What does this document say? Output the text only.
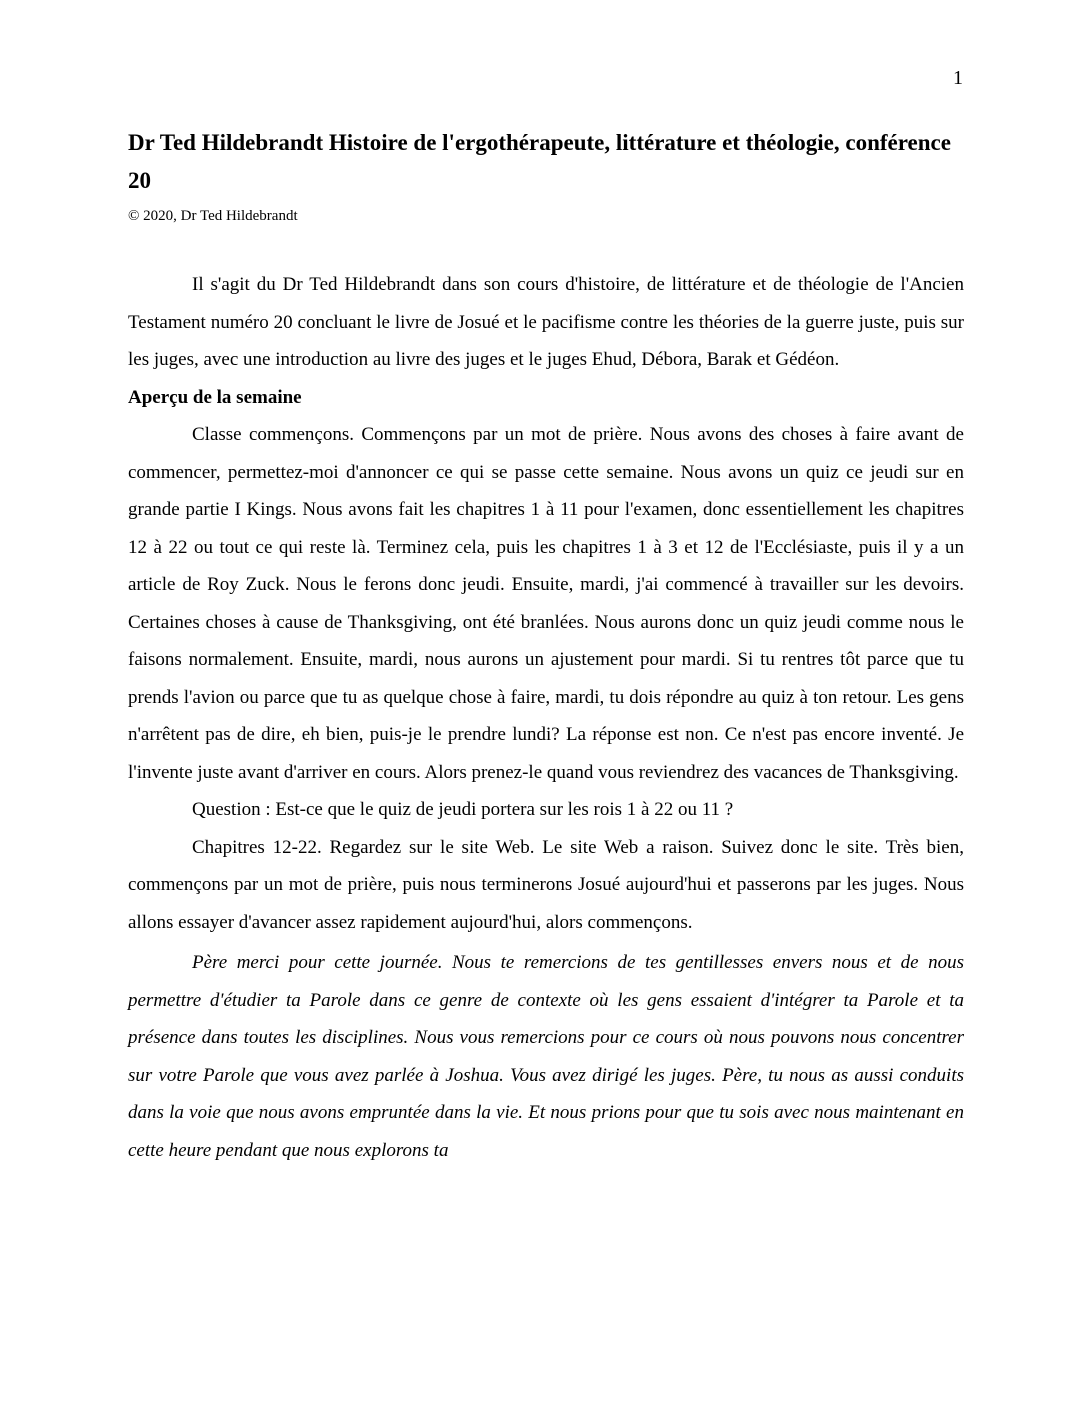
1
Dr Ted Hildebrandt Histoire de l'ergothérapeute, littérature et théologie, conférence 20

© 2020, Dr Ted Hildebrandt

Il s'agit du Dr Ted Hildebrandt dans son cours d'histoire, de littérature et de théologie de l'Ancien Testament numéro 20 concluant le livre de Josué et le pacifisme contre les théories de la guerre juste, puis sur les juges, avec une introduction au livre des juges et le juges Ehud, Débora, Barak et Gédéon.

Aperçu de la semaine

Classe commençons. Commençons par un mot de prière. Nous avons des choses à faire avant de commencer, permettez-moi d'annoncer ce qui se passe cette semaine. Nous avons un quiz ce jeudi sur en grande partie I Kings. Nous avons fait les chapitres 1 à 11 pour l'examen, donc essentiellement les chapitres 12 à 22 ou tout ce qui reste là. Terminez cela, puis les chapitres 1 à 3 et 12 de l'Ecclésiaste, puis il y a un article de Roy Zuck. Nous le ferons donc jeudi. Ensuite, mardi, j'ai commencé à travailler sur les devoirs. Certaines choses à cause de Thanksgiving, ont été branlées. Nous aurons donc un quiz jeudi comme nous le faisons normalement. Ensuite, mardi, nous aurons un ajustement pour mardi. Si tu rentres tôt parce que tu prends l'avion ou parce que tu as quelque chose à faire, mardi, tu dois répondre au quiz à ton retour. Les gens n'arrêtent pas de dire, eh bien, puis-je le prendre lundi? La réponse est non. Ce n'est pas encore inventé. Je l'invente juste avant d'arriver en cours. Alors prenez-le quand vous reviendrez des vacances de Thanksgiving.

Question : Est-ce que le quiz de jeudi portera sur les rois 1 à 22 ou 11 ?

Chapitres 12-22. Regardez sur le site Web. Le site Web a raison. Suivez donc le site. Très bien, commençons par un mot de prière, puis nous terminerons Josué aujourd'hui et passerons par les juges. Nous allons essayer d'avancer assez rapidement aujourd'hui, alors commençons.

Père merci pour cette journée. Nous te remercions de tes gentillesses envers nous et de nous permettre d'étudier ta Parole dans ce genre de contexte où les gens essaient d'intégrer ta Parole et ta présence dans toutes les disciplines. Nous vous remercions pour ce cours où nous pouvons nous concentrer sur votre Parole que vous avez parlée à Joshua. Vous avez dirigé les juges. Père, tu nous as aussi conduits dans la voie que nous avons empruntée dans la vie. Et nous prions pour que tu sois avec nous maintenant en cette heure pendant que nous explorons ta
